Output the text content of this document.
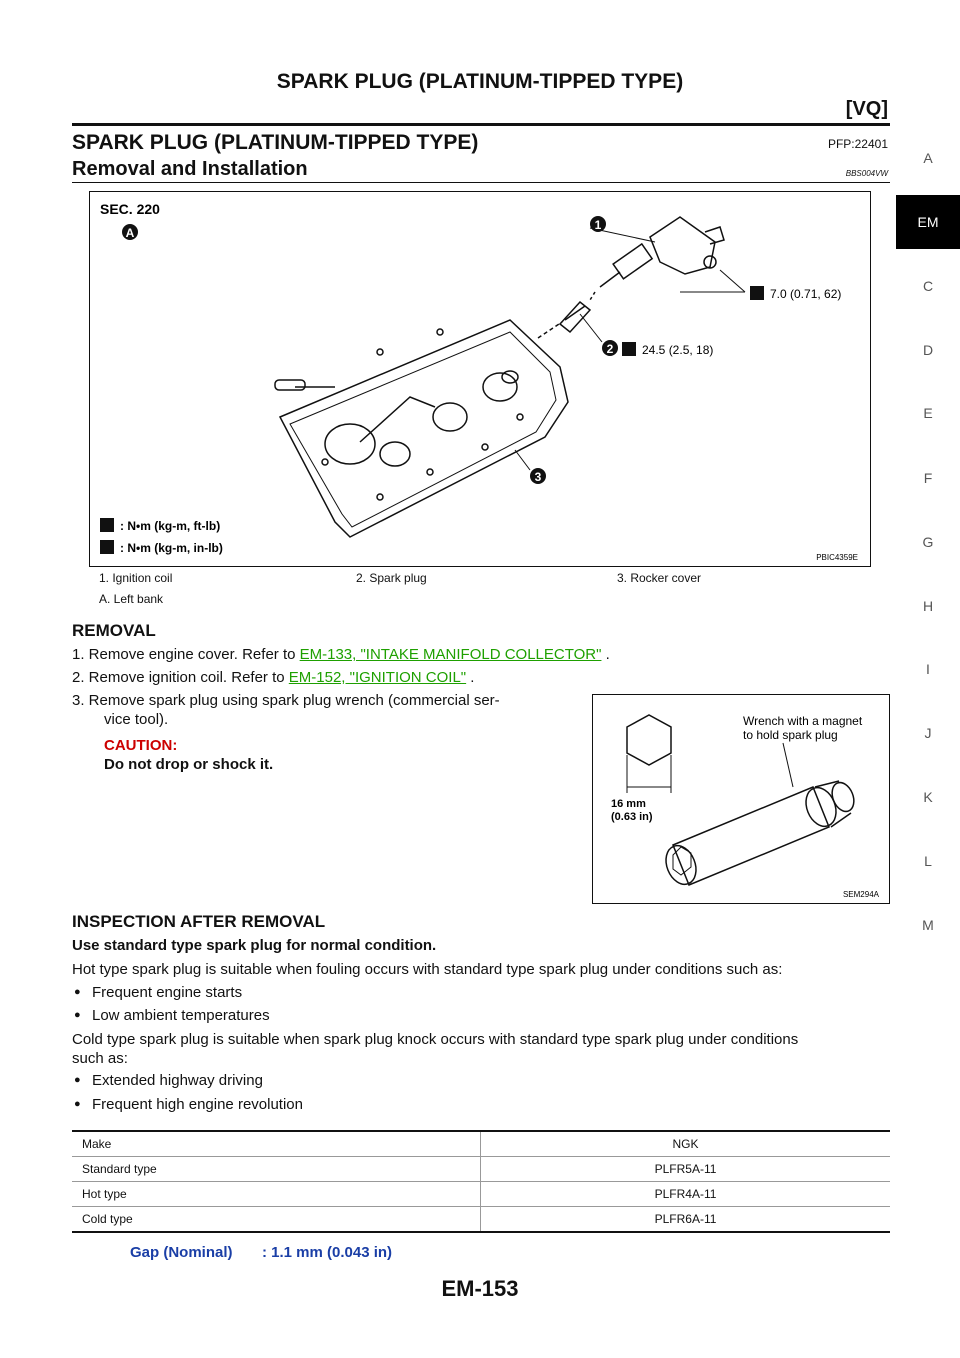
SPARK PLUG (PLATINUM-TIPPED TYPE)
[VQ]
SPARK PLUG (PLATINUM-TIPPED TYPE)	PFP:22401
Removal and Installation	BBS004VW
SEC. 220
A
1
2
3
7.0 (0.71, 62)
24.5 (2.5, 18)
: N•m (kg-m, ft-lb)
: N•m (kg-m, in-lb)
PBIC4359E
1. Ignition coil	2. Spark plug	3. Rocker cover
A. Left bank
REMOVAL
1. Remove engine cover. Refer to EM-133, "INTAKE MANIFOLD COLLECTOR" .
2. Remove ignition coil. Refer to EM-152, "IGNITION COIL" .
3. Remove spark plug using spark plug wrench (commercial ser-
vice tool).
CAUTION:
Do not drop or shock it.
16 mm
(0.63 in)
Wrench with a magnet
to hold spark plug
SEM294A
INSPECTION AFTER REMOVAL
Use standard type spark plug for normal condition.
Hot type spark plug is suitable when fouling occurs with standard type spark plug under conditions such as:
● Frequent engine starts
● Low ambient temperatures
Cold type spark plug is suitable when spark plug knock occurs with standard type spark plug under conditions
such as:
● Extended highway driving
● Frequent high engine revolution
Make	NGK
Standard type	PLFR5A-11
Hot type	PLFR4A-11
Cold type	PLFR6A-11
Gap (Nominal) : 1.1 mm (0.043 in)
EM-153
A
EM
C
D
E
F
G
H
I
J
K
L
M
